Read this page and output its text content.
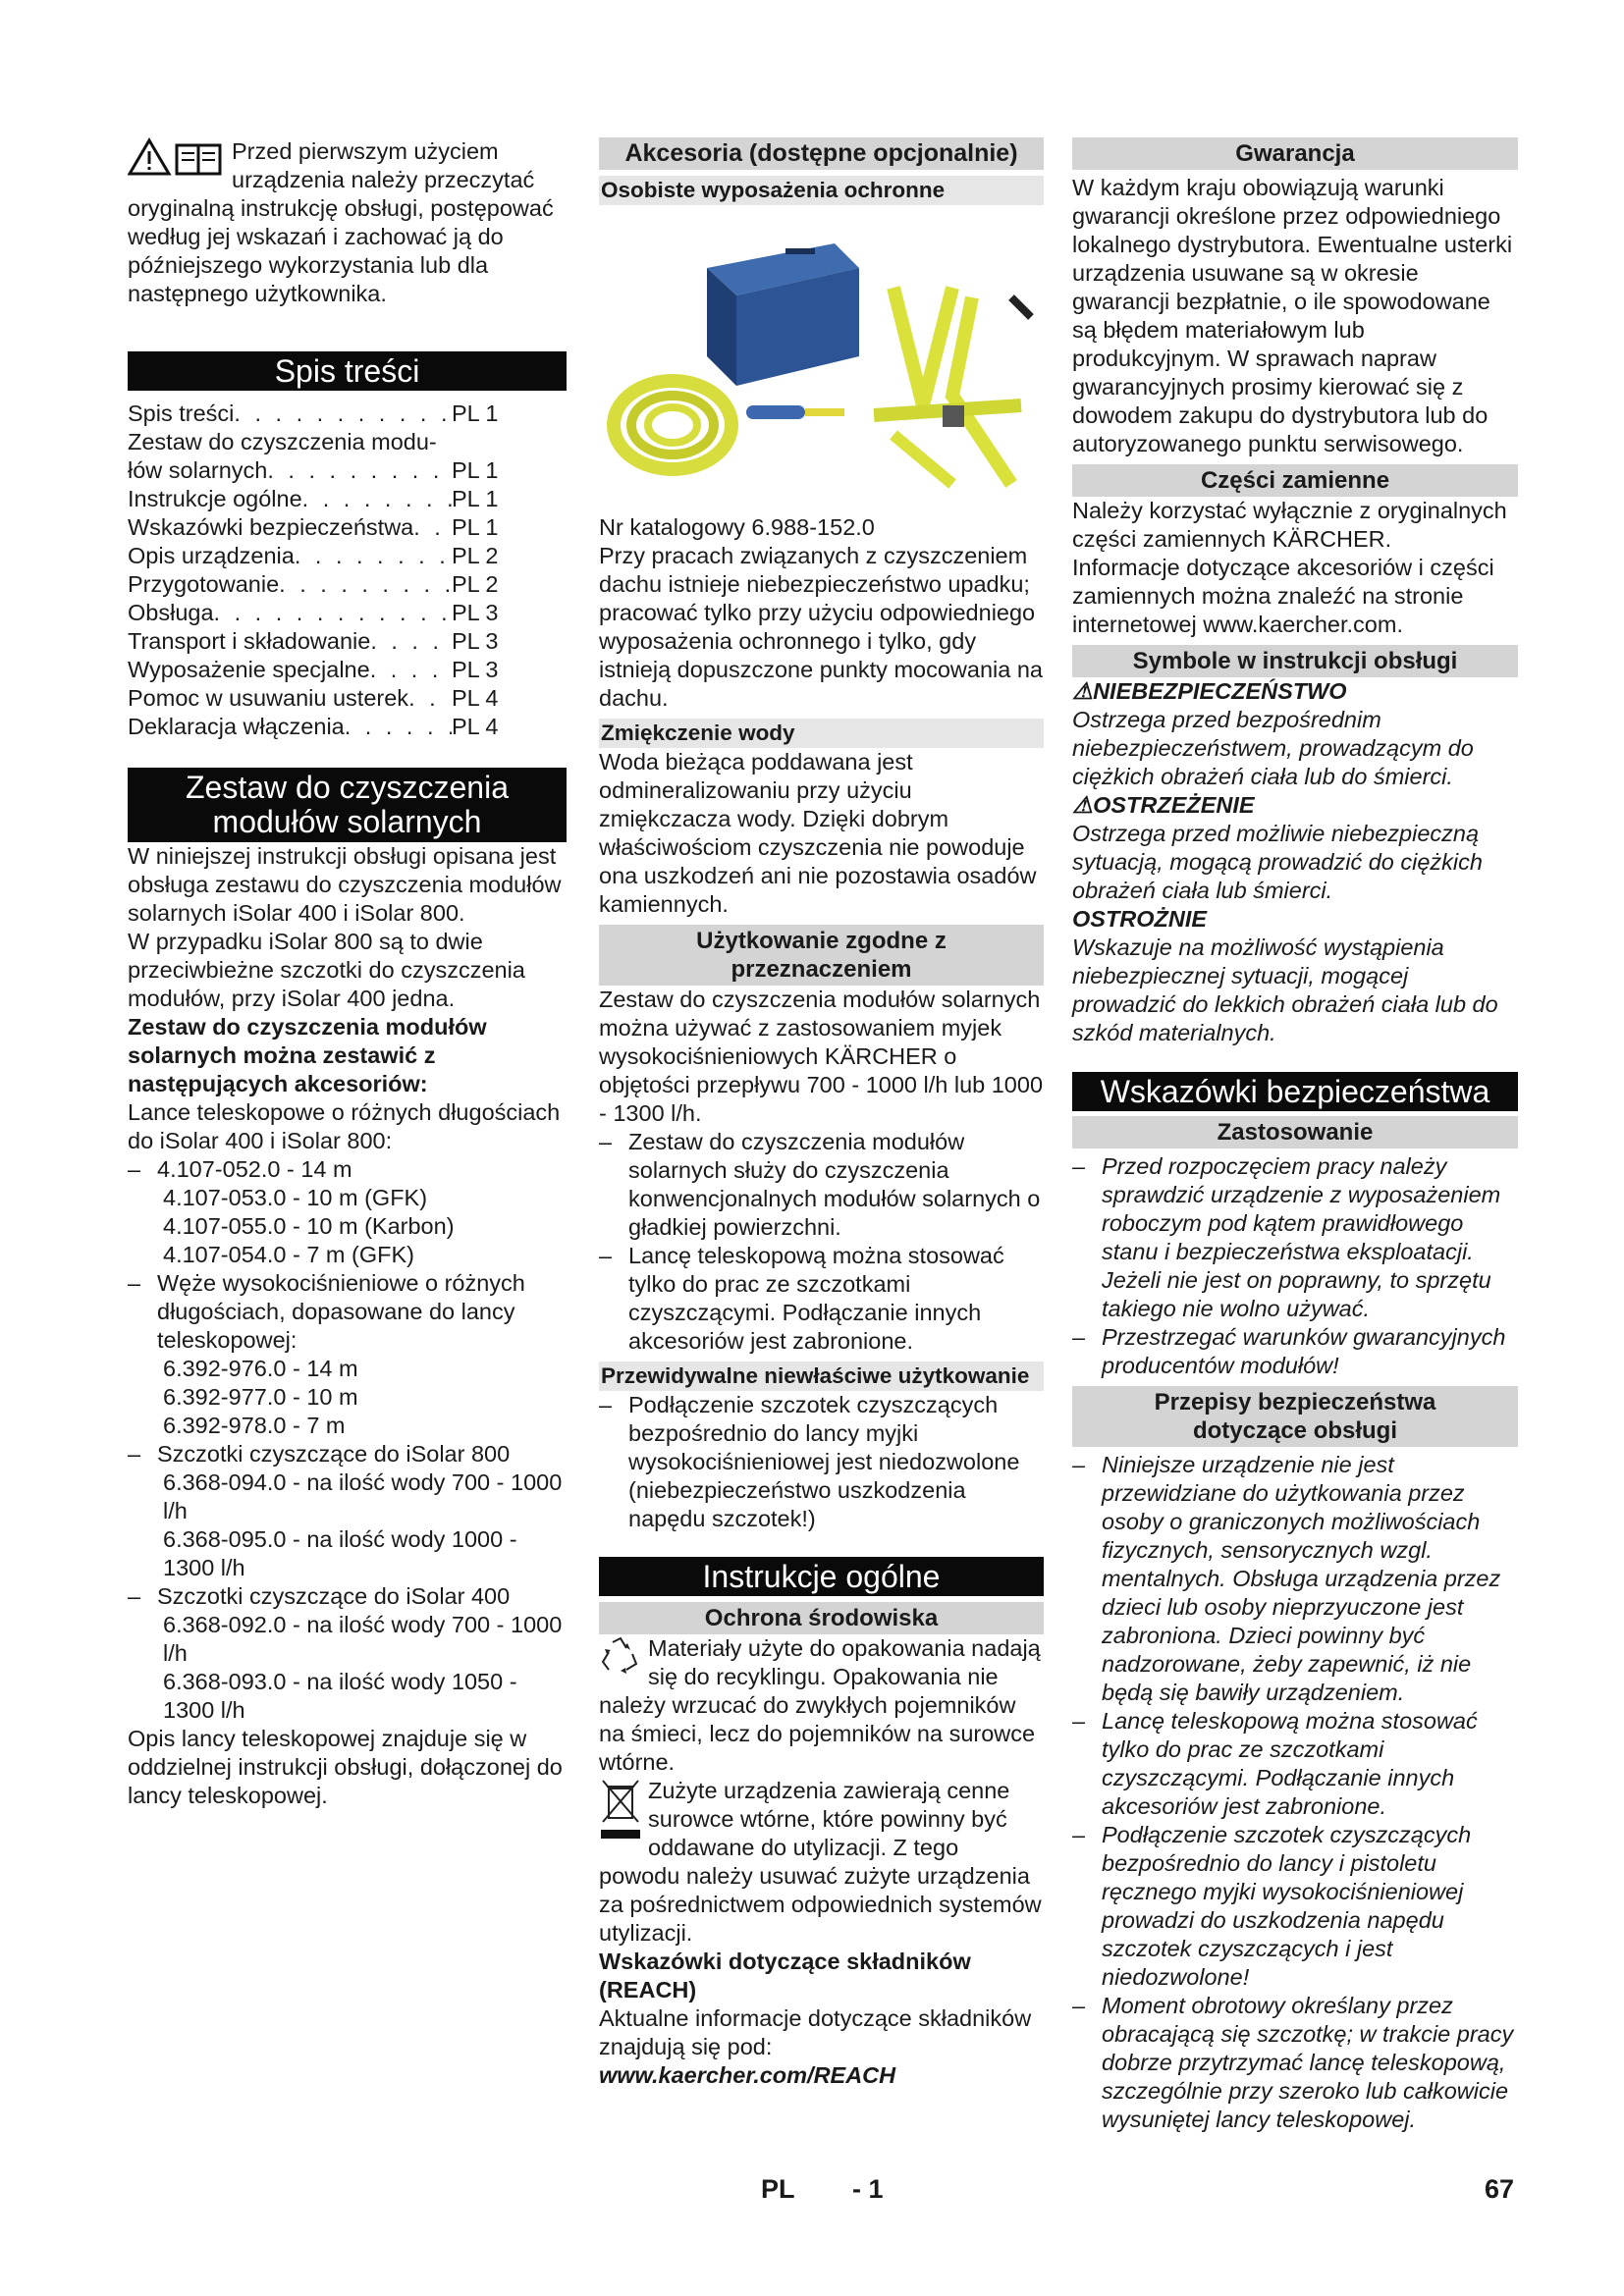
Przed pierwszym użyciem urządzenia należy przeczytać oryginalną instrukcję obsługi, postępować według jej wskazań i zachować ją do późniejszego wykorzystania lub dla następnego użytkownika.

Spis treści
Spis treści . . .	PL 1
Zestaw do czyszczenia modu-
łów solarnych . . .	PL 1
Instrukcje ogólne . . .	PL 1
Wskazówki bezpieczeństwa . . . PL 1
Opis urządzenia . . .	PL 2
Przygotowanie . . .	PL 2
Obsługa . . .	PL 3
Transport i składowanie . . .	PL 3
Wyposażenie specjalne . . .	PL 3
Pomoc w usuwaniu usterek . . . PL 4
Deklaracja włączenia . . .	PL 4
Zestaw do czyszczenia modułów solarnych

W niniejszej instrukcji obsługi opisana jest obsługa zestawu do czyszczenia modułów solarnych iSolar 400 i iSolar 800.

W przypadku iSolar 800 są to dwie przeciwbieżne szczotki do czyszczenia modułów, przy iSolar 400 jedna.

Zestaw do czyszczenia modułów solarnych można zestawić z następujących akcesoriów:

Lance teleskopowe o różnych długościach do iSolar 400 i iSolar 800:

– 4.107-052.0 - 14 m

4.107-053.0 - 10 m (GFK)

4.107-055.0 - 10 m (Karbon)

4.107-054.0 - 7 m (GFK)

– Węże wysokociśnieniowe o różnych długościach, dopasowane do lancy teleskopowej:

6.392-976.0 - 14 m

6.392-977.0 - 10 m

6.392-978.0 - 7 m

– Szczotki czyszczące do iSolar 800

6.368-094.0 - na ilość wody 700 - 1000 l/h

6.368-095.0 - na ilość wody 1000 - 1300 l/h

– Szczotki czyszczące do iSolar 400

6.368-092.0 - na ilość wody 700 - 1000 l/h

6.368-093.0 - na ilość wody 1050 - 1300 l/h

Opis lancy teleskopowej znajduje się w oddzielnej instrukcji obsługi, dołączonej do lancy teleskopowej.

Akcesoria (dostępne opcjonalnie)
Osobiste wyposażenia ochronne

Nr katalogowy 6.988-152.0

Przy pracach związanych z czyszczeniem dachu istnieje niebezpieczeństwo upadku; pracować tylko przy użyciu odpowiedniego wyposażenia ochronnego i tylko, gdy istnieją dopuszczone punkty mocowania na dachu.

Zmiękczenie wody

Woda bieżąca poddawana jest odmineralizowaniu przy użyciu zmiękczacza wody. Dzięki dobrym właściwościom czyszczenia nie powoduje ona uszkodzeń ani nie pozostawia osadów kamiennych.

Użytkowanie zgodne z przeznaczeniem

Zestaw do czyszczenia modułów solarnych można używać z zastosowaniem myjek wysokociśnieniowych KÄRCHER o objętości przepływu 700 - 1000 l/h lub 1000 - 1300 l/h.

– Zestaw do czyszczenia modułów solarnych służy do czyszczenia konwencjonalnych modułów solarnych o gładkiej powierzchni.

– Lancę teleskopową można stosować tylko do prac ze szczotkami czyszczącymi. Podłączanie innych akcesoriów jest zabronione.

Przewidywalne niewłaściwe użytkowanie

– Podłączenie szczotek czyszczących bezpośrednio do lancy myjki wysokociśnieniowej jest niedozwolone (niebezpieczeństwo uszkodzenia napędu szczotek!)

Instrukcje ogólne
Ochrona środowiska

Materiały użyte do opakowania nadają się do recyklingu. Opakowania nie należy wrzucać do zwykłych pojemników na śmieci, lecz do pojemników na surowce wtórne.

Zużyte urządzenia zawierają cenne surowce wtórne, które powinny być oddawane do utylizacji. Z tego powodu należy usuwać zużyte urządzenia za pośrednictwem odpowiednich systemów utylizacji.

Wskazówki dotyczące składników (REACH)

Aktualne informacje dotyczące składników znajdują się pod:

www.kaercher.com/REACH

Gwarancja

W każdym kraju obowiązują warunki gwarancji określone przez odpowiedniego lokalnego dystrybutora. Ewentualne usterki urządzenia usuwane są w okresie gwarancji bezpłatnie, o ile spowodowane są błędem materiałowym lub produkcyjnym. W sprawach napraw gwarancyjnych prosimy kierować się z dowodem zakupu do dystrybutora lub do autoryzowanego punktu serwisowego.

Części zamienne

Należy korzystać wyłącznie z oryginalnych części zamiennych KÄRCHER.

Informacje dotyczące akcesoriów i części zamiennych można znaleźć na stronie internetowej www.kaercher.com.

Symbole w instrukcji obsługi

⚠NIEBEZPIECZEŃSTWO

Ostrzega przed bezpośrednim niebezpieczeństwem, prowadzącym do ciężkich obrażeń ciała lub do śmierci.

⚠OSTRZEŻENIE

Ostrzega przed możliwie niebezpieczną sytuacją, mogącą prowadzić do ciężkich obrażeń ciała lub śmierci.

OSTROŻNIE

Wskazuje na możliwość wystąpienia niebezpiecznej sytuacji, mogącej prowadzić do lekkich obrażeń ciała lub do szkód materialnych.

Wskazówki bezpieczeństwa
Zastosowanie

– Przed rozpoczęciem pracy należy sprawdzić urządzenie z wyposażeniem roboczym pod kątem prawidłowego stanu i bezpieczeństwa eksploatacji. Jeżeli nie jest on poprawny, to sprzętu takiego nie wolno używać.

– Przestrzegać warunków gwarancyjnych producentów modułów!

Przepisy bezpieczeństwa dotyczące obsługi

– Niniejsze urządzenie nie jest przewidziane do użytkowania przez osoby o graniczonych możliwościach fizycznych, sensorycznych wzgl. mentalnych. Obsługa urządzenia przez dzieci lub osoby nieprzyuczone jest zabroniona. Dzieci powinny być nadzorowane, żeby zapewnić, iż nie będą się bawiły urządzeniem.

– Lancę teleskopową można stosować tylko do prac ze szczotkami czyszczącymi. Podłączanie innych akcesoriów jest zabronione.

– Podłączenie szczotek czyszczących bezpośrednio do lancy i pistoletu ręcznego myjki wysokociśnieniowej prowadzi do uszkodzenia napędu szczotek czyszczących i jest niedozwolone!

– Moment obrotowy określany przez obracającą się szczotkę; w trakcie pracy dobrze przytrzymać lancę teleskopową, szczególnie przy szeroko lub całkowicie wysuniętej lancy teleskopowej.

PL - 1	67
